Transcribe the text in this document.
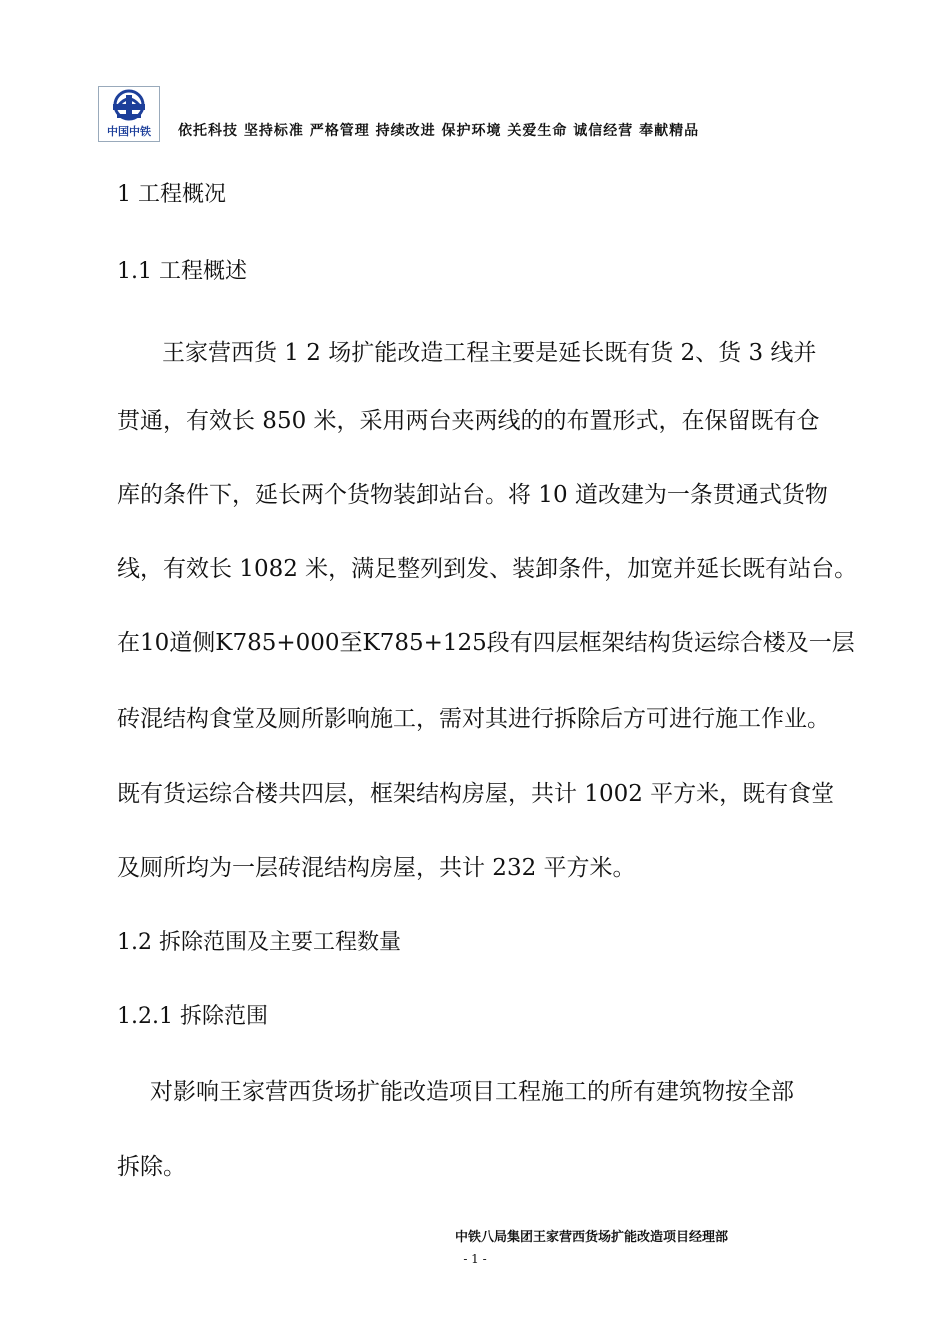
中国中铁	依托科技 坚持标准 严格管理 持续改进 保护环境 关爱生命 诚信经营 奉献精品
1 工程概况
1.1 工程概述
王家营西货 1 2 场扩能改造工程主要是延长既有货 2、货 3 线并
贯通，有效长 850 米，采用两台夹两线的的布置形式，在保留既有仓
库的条件下，延长两个货物装卸站台。将 10 道改建为一条贯通式货物
线，有效长 1082 米，满足整列到发、装卸条件，加宽并延长既有站台。
在10道侧K785+000至K785+125段有四层框架结构货运综合楼及一层
砖混结构食堂及厕所影响施工，需对其进行拆除后方可进行施工作业。
既有货运综合楼共四层，框架结构房屋，共计 1002 平方米，既有食堂
及厕所均为一层砖混结构房屋，共计 232 平方米。
1.2 拆除范围及主要工程数量
1.2.1 拆除范围
对影响王家营西货场扩能改造项目工程施工的所有建筑物按全部
拆除。
中铁八局集团王家营西货场扩能改造项目经理部
- 1 -
